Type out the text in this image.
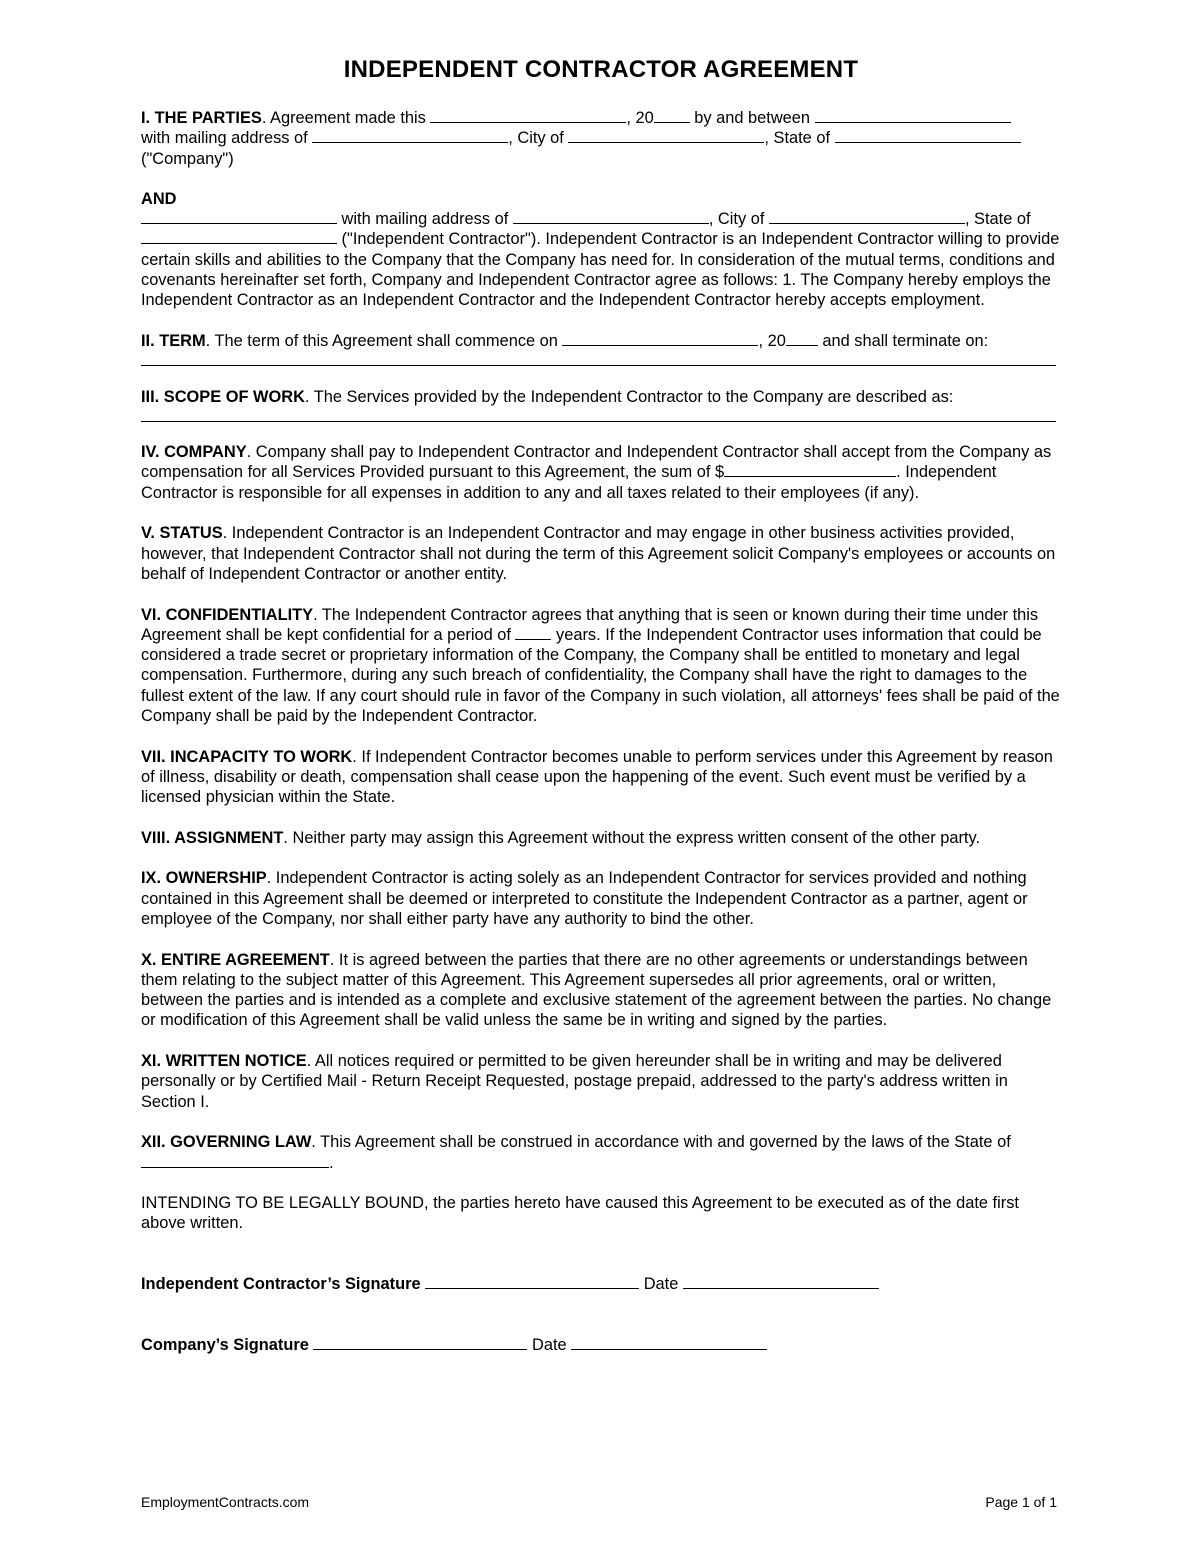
INDEPENDENT CONTRACTOR AGREEMENT
I. THE PARTIES. Agreement made this	, 20 by and between
with mailing address of	, City of	, State of
("Company")
AND
with mailing address of	, City of	, State of
("Independent Contractor"). Independent Contractor is an Independent Contractor willing to provide certain skills and abilities to the Company that the Company has need for. In consideration of the mutual terms, conditions and covenants hereinafter set forth, Company and Independent Contractor agree as follows: 1. The Company hereby employs the Independent Contractor as an Independent Contractor and the Independent Contractor hereby accepts employment.
II. TERM. The term of this Agreement shall commence on	, 20 and shall terminate on:
III. SCOPE OF WORK. The Services provided by the Independent Contractor to the Company are described as:
IV. COMPANY. Company shall pay to Independent Contractor and Independent Contractor shall accept from the Company as compensation for all Services Provided pursuant to this Agreement, the sum of $	. Independent Contractor is responsible for all expenses in addition to any and all taxes related to their employees (if any).
V. STATUS. Independent Contractor is an Independent Contractor and may engage in other business activities provided, however, that Independent Contractor shall not during the term of this Agreement solicit Company's employees or accounts on behalf of Independent Contractor or another entity.
VI. CONFIDENTIALITY. The Independent Contractor agrees that anything that is seen or known during their time under this Agreement shall be kept confidential for a period of  years. If the Independent Contractor uses information that could be considered a trade secret or proprietary information of the Company, the Company shall be entitled to monetary and legal compensation. Furthermore, during any such breach of confidentiality, the Company shall have the right to damages to the fullest extent of the law. If any court should rule in favor of the Company in such violation, all attorneys' fees shall be paid of the Company shall be paid by the Independent Contractor.
VII. INCAPACITY TO WORK. If Independent Contractor becomes unable to perform services under this Agreement by reason of illness, disability or death, compensation shall cease upon the happening of the event. Such event must be verified by a licensed physician within the State.
VIII. ASSIGNMENT. Neither party may assign this Agreement without the express written consent of the other party.
IX. OWNERSHIP. Independent Contractor is acting solely as an Independent Contractor for services provided and nothing contained in this Agreement shall be deemed or interpreted to constitute the Independent Contractor as a partner, agent or employee of the Company, nor shall either party have any authority to bind the other.
X. ENTIRE AGREEMENT. It is agreed between the parties that there are no other agreements or understandings between them relating to the subject matter of this Agreement. This Agreement supersedes all prior agreements, oral or written, between the parties and is intended as a complete and exclusive statement of the agreement between the parties. No change or modification of this Agreement shall be valid unless the same be in writing and signed by the parties.
XI. WRITTEN NOTICE. All notices required or permitted to be given hereunder shall be in writing and may be delivered personally or by Certified Mail - Return Receipt Requested, postage prepaid, addressed to the party's address written in Section I.
XII. GOVERNING LAW. This Agreement shall be construed in accordance with and governed by the laws of the State of .
INTENDING TO BE LEGALLY BOUND, the parties hereto have caused this Agreement to be executed as of the date first above written.
Independent Contractor’s Signature	Date
Company’s Signature	Date
EmploymentContracts.com	Page 1 of 1
